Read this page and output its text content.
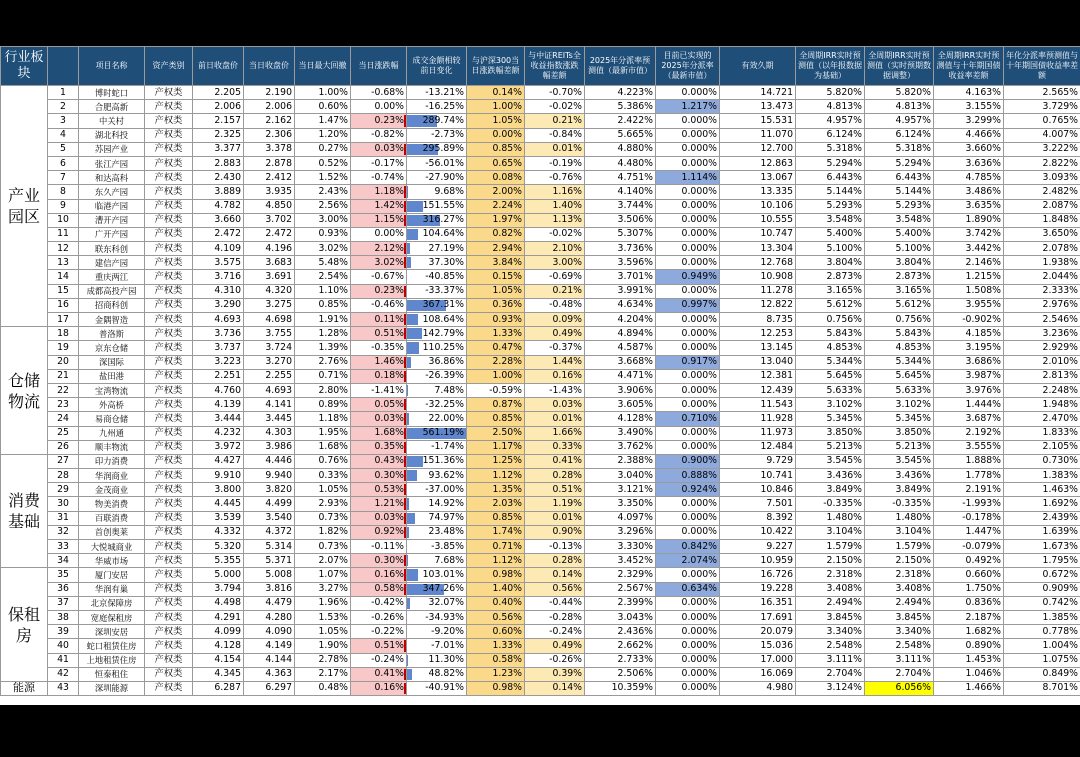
行业板块		项目名称	资产类别	前日收盘价	当日收盘价	当日最大回撤	当日涨跌幅	成交金额相较前日变化	与沪深300当日涨跌幅差额	与中证REITs全收益指数涨跌幅差额	2025年分派率预测值（最新市值）	目前已实现的2025年分派率（最新市值）	有效久期	全周期IRR实时预测值（以年报数据为基础）	全周期IRR实时预测值（实时预期数据调整）	全周期IRR实时预测值与十年期国债收益率差额	年化分派率预测值与十年期国债收益率差额
产业园区	1	博时蛇口	产权类	2.205	2.190	1.00%	-0.68%	-13.21%	0.14%	-0.70%	4.223%	0.000%	14.721	5.820%	5.820%	4.163%	2.565%
	2	合肥高新	产权类	2.006	2.006	0.60%	0.00%	-16.25%	1.00%	-0.02%	5.386%	1.217%	13.473	4.813%	4.813%	3.155%	3.729%
	3	中关村	产权类	2.157	2.162	1.47%	0.23%	289.74%	1.05%	0.21%	2.422%	0.000%	15.531	4.957%	4.957%	3.299%	0.765%
	4	湖北科投	产权类	2.325	2.306	1.20%	-0.82%	-2.73%	0.00%	-0.84%	5.665%	0.000%	11.070	6.124%	6.124%	4.466%	4.007%
	5	苏园产业	产权类	3.377	3.378	0.27%	0.03%	295.89%	0.85%	0.01%	4.880%	0.000%	12.700	5.318%	5.318%	3.660%	3.222%
	6	张江产园	产权类	2.883	2.878	0.52%	-0.17%	-56.01%	0.65%	-0.19%	4.480%	0.000%	12.863	5.294%	5.294%	3.636%	2.822%
	7	和达高科	产权类	2.430	2.412	1.52%	-0.74%	-27.90%	0.08%	-0.76%	4.751%	1.114%	13.067	6.443%	6.443%	4.785%	3.093%
	8	东久产园	产权类	3.889	3.935	2.43%	1.18%	9.68%	2.00%	1.16%	4.140%	0.000%	13.335	5.144%	5.144%	3.486%	2.482%
	9	临港产园	产权类	4.782	4.850	2.56%	1.42%	151.55%	2.24%	1.40%	3.744%	0.000%	10.106	5.293%	5.293%	3.635%	2.087%
	10	漕开产园	产权类	3.660	3.702	3.00%	1.15%	316.27%	1.97%	1.13%	3.506%	0.000%	10.555	3.548%	3.548%	1.890%	1.848%
	11	广开产园	产权类	2.472	2.472	0.93%	0.00%	104.64%	0.82%	-0.02%	5.307%	0.000%	10.747	5.400%	5.400%	3.742%	3.650%
	12	联东科创	产权类	4.109	4.196	3.02%	2.12%	27.19%	2.94%	2.10%	3.736%	0.000%	13.304	5.100%	5.100%	3.442%	2.078%
	13	建信产园	产权类	3.575	3.683	5.48%	3.02%	37.30%	3.84%	3.00%	3.596%	0.000%	12.768	3.804%	3.804%	2.146%	1.938%
	14	重庆两江	产权类	3.716	3.691	2.54%	-0.67%	-40.85%	0.15%	-0.69%	3.701%	0.949%	10.908	2.873%	2.873%	1.215%	2.044%
	15	成都高投产园	产权类	4.310	4.320	1.10%	0.23%	-33.37%	1.05%	0.21%	3.991%	0.000%	11.278	3.165%	3.165%	1.508%	2.333%
	16	招商科创	产权类	3.290	3.275	0.85%	-0.46%	367.31%	0.36%	-0.48%	4.634%	0.997%	12.822	5.612%	5.612%	3.955%	2.976%
	17	金隅智造	产权类	4.693	4.698	1.91%	0.11%	108.64%	0.93%	0.09%	4.204%	0.000%	8.735	0.756%	0.756%	-0.902%	2.546%
仓储物流	18	普洛斯	产权类	3.736	3.755	1.28%	0.51%	142.79%	1.33%	0.49%	4.894%	0.000%	12.253	5.843%	5.843%	4.185%	3.236%
	19	京东仓储	产权类	3.737	3.724	1.39%	-0.35%	110.25%	0.47%	-0.37%	4.587%	0.000%	13.145	4.853%	4.853%	3.195%	2.929%
	20	深国际	产权类	3.223	3.270	2.76%	1.46%	36.86%	2.28%	1.44%	3.668%	0.917%	13.040	5.344%	5.344%	3.686%	2.010%
	21	盐田港	产权类	2.251	2.255	0.71%	0.18%	-26.39%	1.00%	0.16%	4.471%	0.000%	12.381	5.645%	5.645%	3.987%	2.813%
	22	宝湾物流	产权类	4.760	4.693	2.80%	-1.41%	7.48%	-0.59%	-1.43%	3.906%	0.000%	12.439	5.633%	5.633%	3.976%	2.248%
	23	外高桥	产权类	4.139	4.141	0.89%	0.05%	-32.25%	0.87%	0.03%	3.605%	0.000%	11.543	3.102%	3.102%	1.444%	1.948%
	24	易商仓储	产权类	3.444	3.445	1.18%	0.03%	22.00%	0.85%	0.01%	4.128%	0.710%	11.928	5.345%	5.345%	3.687%	2.470%
	25	九州通	产权类	4.232	4.303	1.95%	1.68%	561.19%	2.50%	1.66%	3.490%	0.000%	11.973	3.850%	3.850%	2.192%	1.833%
	26	顺丰物流	产权类	3.972	3.986	1.68%	0.35%	-1.74%	1.17%	0.33%	3.762%	0.000%	12.484	5.213%	5.213%	3.555%	2.105%
消费基础	27	印力消费	产权类	4.427	4.446	0.76%	0.43%	151.36%	1.25%	0.41%	2.388%	0.900%	9.729	3.545%	3.545%	1.888%	0.730%
	28	华润商业	产权类	9.910	9.940	0.33%	0.30%	93.62%	1.12%	0.28%	3.040%	0.888%	10.741	3.436%	3.436%	1.778%	1.383%
	29	金茂商业	产权类	3.800	3.820	1.05%	0.53%	-37.00%	1.35%	0.51%	3.121%	0.924%	10.846	3.849%	3.849%	2.191%	1.463%
	30	物美消费	产权类	4.445	4.499	2.93%	1.21%	14.92%	2.03%	1.19%	3.350%	0.000%	7.501	-0.335%	-0.335%	-1.993%	1.692%
	31	百联消费	产权类	3.539	3.540	0.73%	0.03%	74.97%	0.85%	0.01%	4.097%	0.000%	8.392	1.480%	1.480%	-0.178%	2.439%
	32	首创奥莱	产权类	4.332	4.372	1.82%	0.92%	23.48%	1.74%	0.90%	3.296%	0.000%	10.422	3.104%	3.104%	1.447%	1.639%
	33	大悦城商业	产权类	5.320	5.314	0.73%	-0.11%	-3.85%	0.71%	-0.13%	3.330%	0.842%	9.227	1.579%	1.579%	-0.079%	1.673%
	34	华威市场	产权类	5.355	5.371	2.07%	0.30%	7.68%	1.12%	0.28%	3.452%	2.074%	10.959	2.150%	2.150%	0.492%	1.795%
保租房	35	厦门安居	产权类	5.000	5.008	1.07%	0.16%	103.01%	0.98%	0.14%	2.329%	0.000%	16.726	2.318%	2.318%	0.660%	0.672%
	36	华润有巢	产权类	3.794	3.816	3.27%	0.58%	347.26%	1.40%	0.56%	2.567%	0.634%	19.228	3.408%	3.408%	1.750%	0.909%
	37	北京保障房	产权类	4.498	4.479	1.96%	-0.42%	32.07%	0.40%	-0.44%	2.399%	0.000%	16.351	2.494%	2.494%	0.836%	0.742%
	38	宽庭保租房	产权类	4.291	4.280	1.53%	-0.26%	-34.93%	0.56%	-0.28%	3.043%	0.000%	17.691	3.845%	3.845%	2.187%	1.385%
	39	深圳安居	产权类	4.099	4.090	1.05%	-0.22%	-9.20%	0.60%	-0.24%	2.436%	0.000%	20.079	3.340%	3.340%	1.682%	0.778%
	40	蛇口租赁住房	产权类	4.128	4.149	1.90%	0.51%	-7.01%	1.33%	0.49%	2.662%	0.000%	15.036	2.548%	2.548%	0.890%	1.004%
	41	上地租赁住房	产权类	4.154	4.144	2.78%	-0.24%	11.30%	0.58%	-0.26%	2.733%	0.000%	17.000	3.111%	3.111%	1.453%	1.075%
	42	恒泰租住	产权类	4.345	4.363	2.17%	0.41%	48.82%	1.23%	0.39%	2.506%	0.000%	16.069	2.704%	2.704%	1.046%	0.849%
能源	43	深圳能源	产权类	6.287	6.297	0.48%	0.16%	-40.91%	0.98%	0.14%	10.359%	0.000%	4.980	3.124%	6.056%	1.466%	8.701%
